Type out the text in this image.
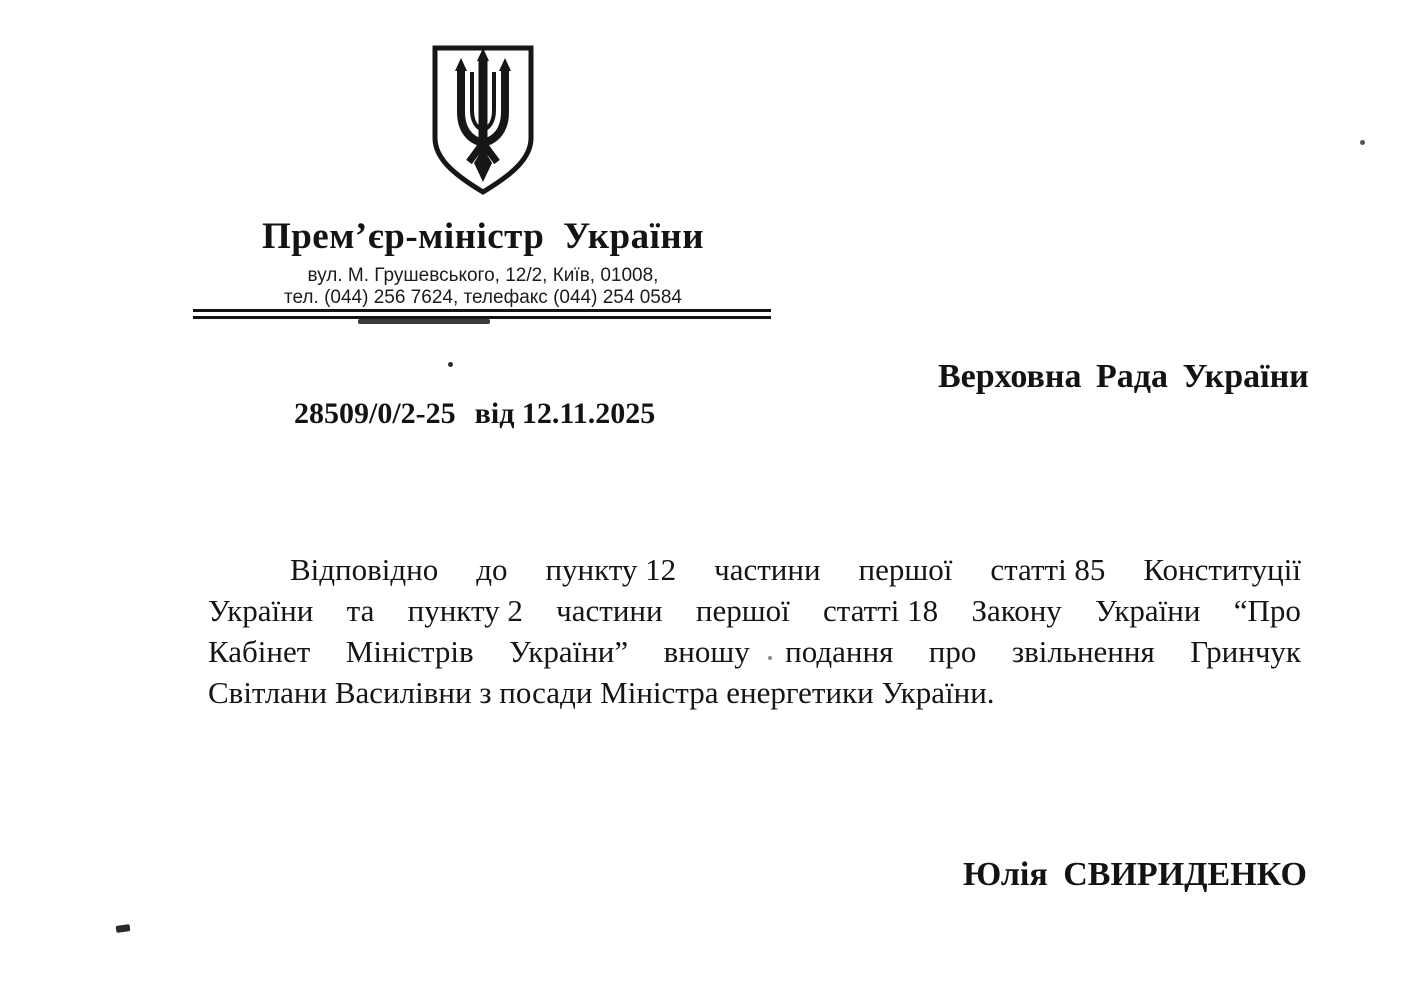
Прем’єр-міністр України
вул. М. Грушевського, 12/2, Київ, 01008,
тел. (044) 256 7624, телефакс (044) 254 0584
Верховна Рада України
28509/0/2-25 від 12.11.2025
Відповідно до пункту 12 частини першої статті 85 Конституції
України та пункту 2 частини першої статті 18 Закону України “Про
Кабінет Міністрів України” вношу подання про звільнення Гринчук
Світлани Василівни з посади Міністра енергетики України.
Юлія СВИРИДЕНКО
